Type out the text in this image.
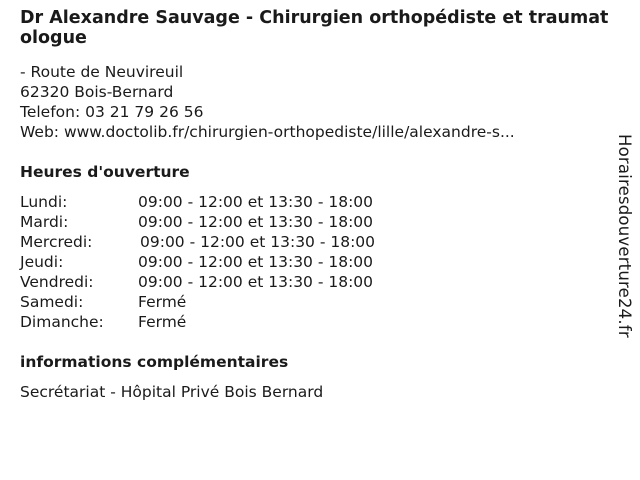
Dr Alexandre Sauvage - Chirurgien orthopédiste et traumatologue
- Route de Neuvireuil
62320 Bois-Bernard
Telefon: 03 21 79 26 56
Web: www.doctolib.fr/chirurgien-orthopediste/lille/alexandre-s...
Heures d'ouverture
Lundi:	09:00 - 12:00 et 13:30 - 18:00
Mardi:	09:00 - 12:00 et 13:30 - 18:00
Mercredi:	09:00 - 12:00 et 13:30 - 18:00
Jeudi:	09:00 - 12:00 et 13:30 - 18:00
Vendredi:	09:00 - 12:00 et 13:30 - 18:00
Samedi:	Fermé
Dimanche:	Fermé
informations complémentaires
Secrétariat - Hôpital Privé Bois Bernard
Horairesdouverture24.fr
